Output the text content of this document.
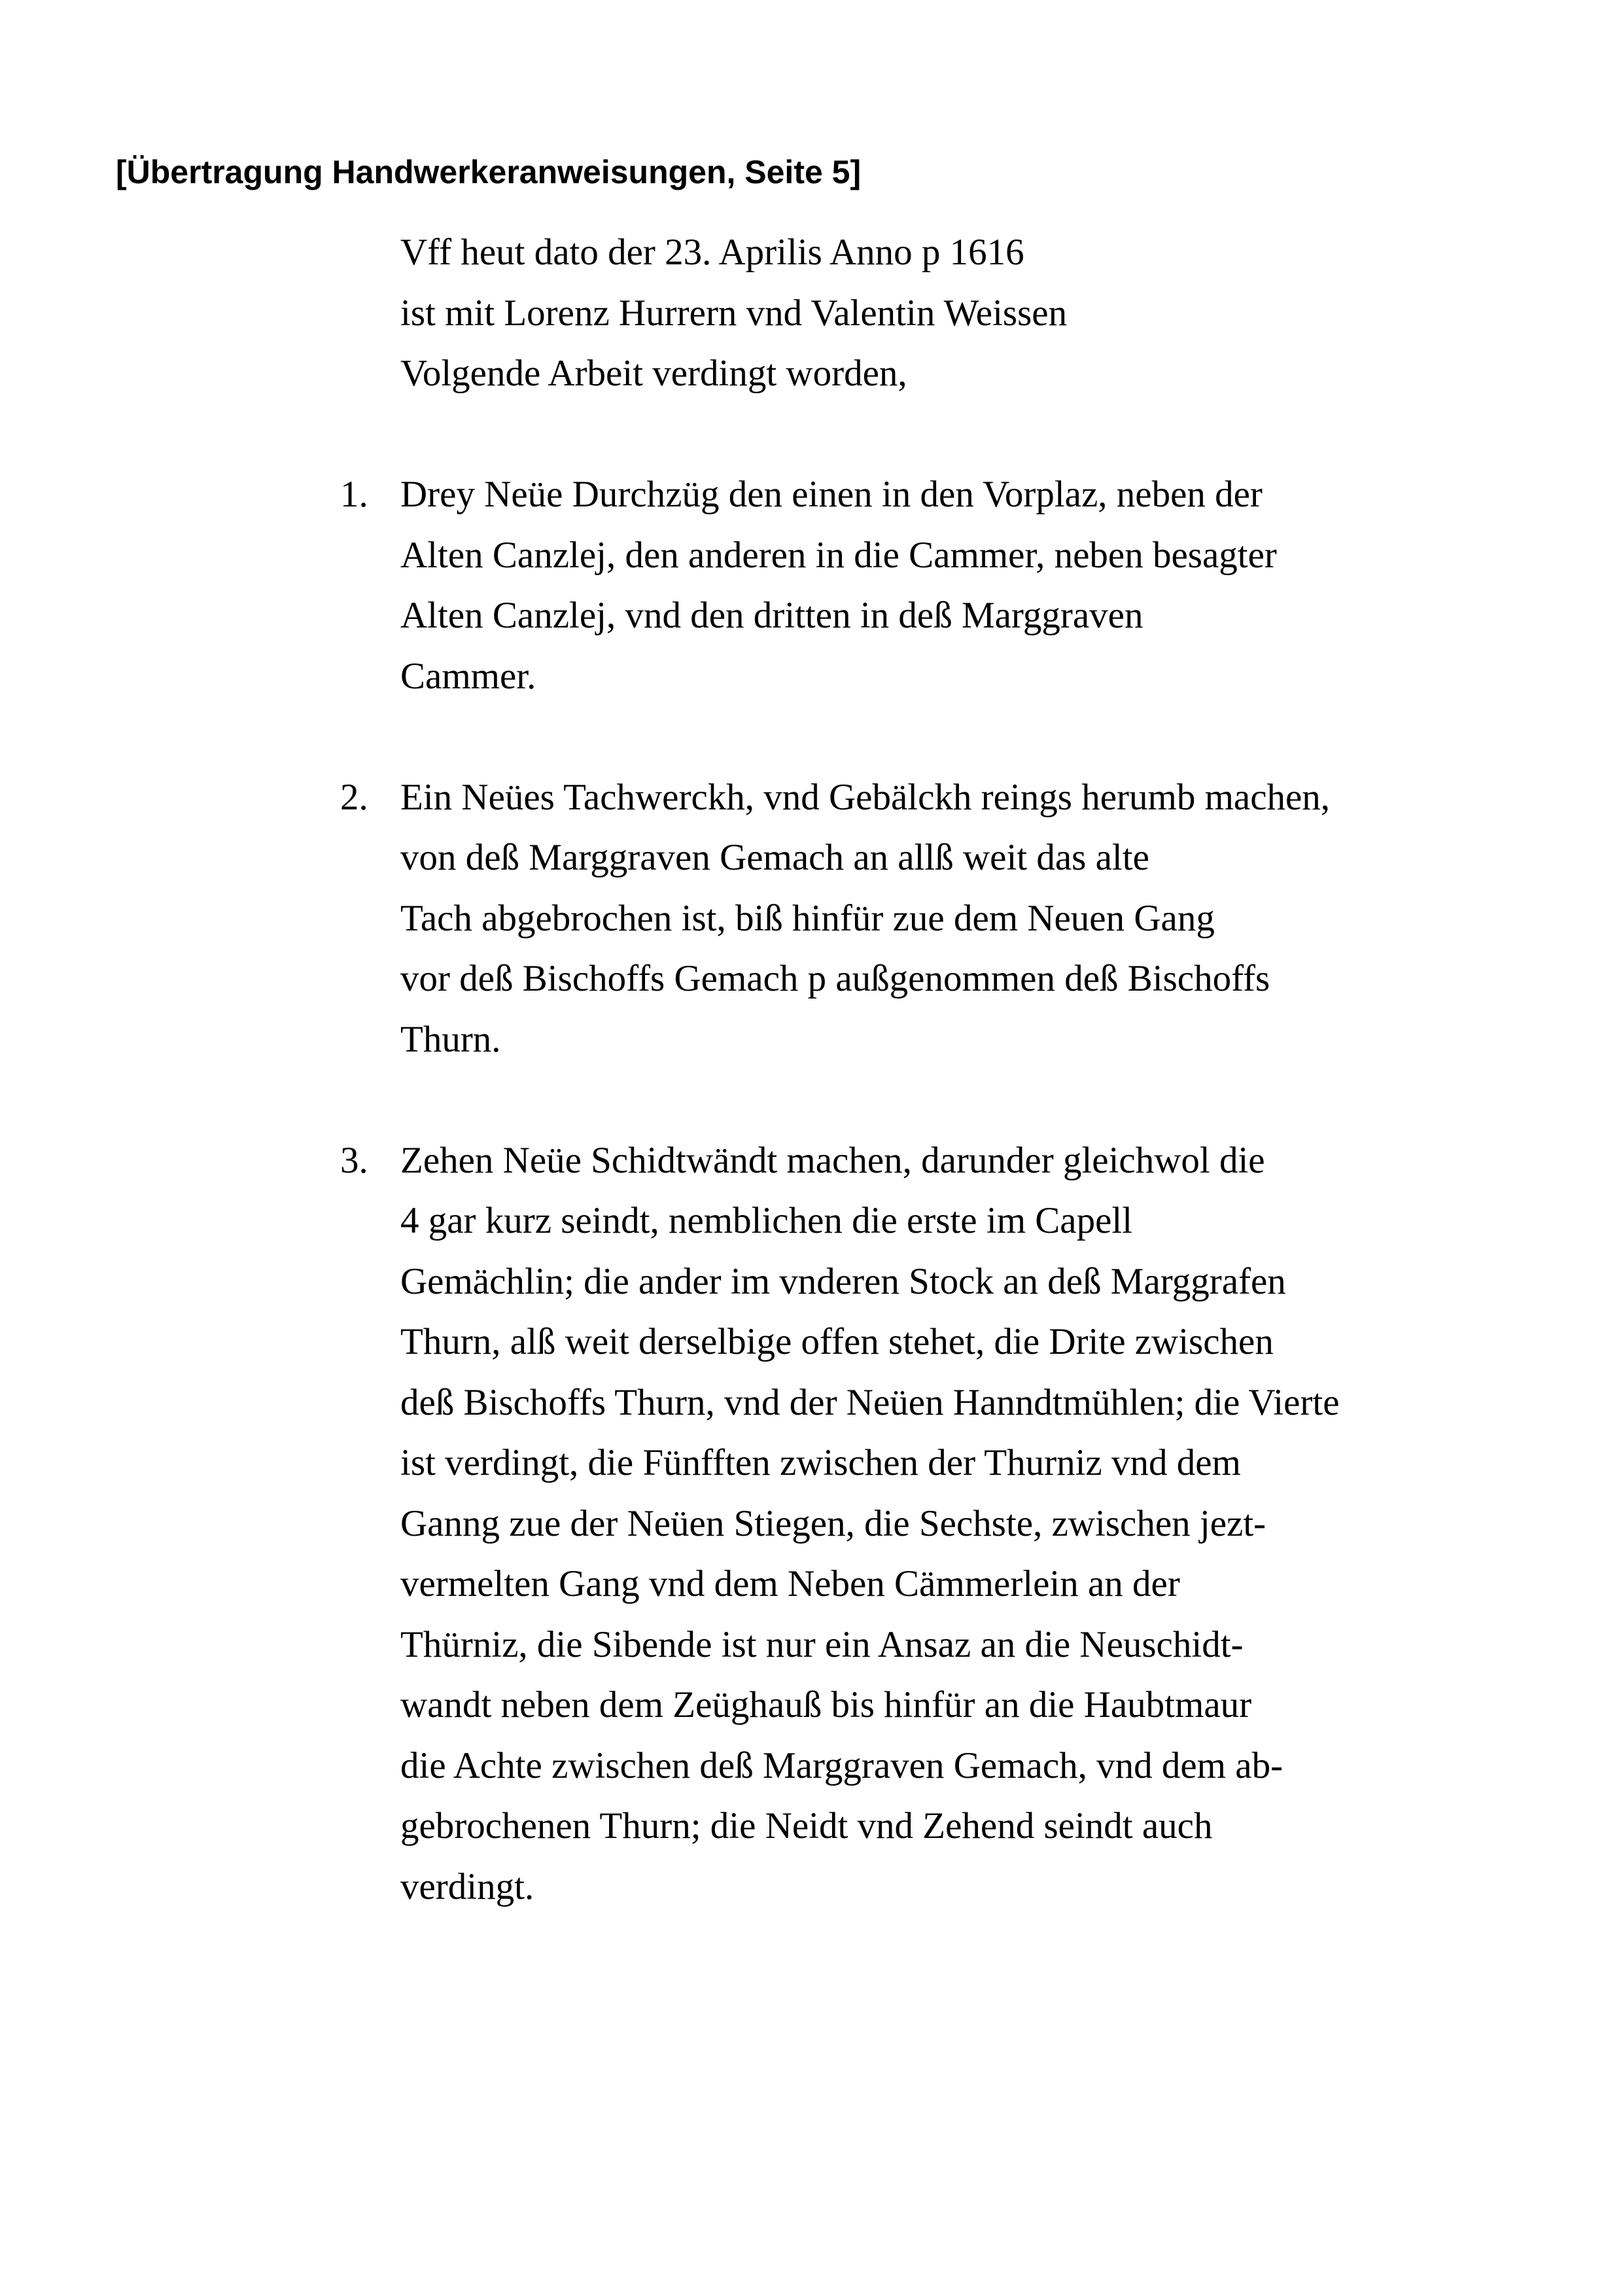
[Übertragung Handwerkeranweisungen, Seite 5]
Vff heut dato der 23. Aprilis Anno p 1616
ist mit Lorenz Hurrern vnd Valentin Weissen
Volgende Arbeit verdingt worden,
1. Drey Neüe Durchzüg den einen in den Vorplaz, neben der
Alten Canzlej, den anderen in die Cammer, neben besagter
Alten Canzlej, vnd den dritten in deß Marggraven
Cammer.
2. Ein Neües Tachwerckh, vnd Gebälckh reings herumb machen,
von deß Marggraven Gemach an allß weit das alte
Tach abgebrochen ist, biß hinfür zue dem Neuen Gang
vor deß Bischoffs Gemach p außgenommen deß Bischoffs
Thurn.
3. Zehen Neüe Schidtwändt machen, darunder gleichwol die
4 gar kurz seindt, nemblichen die erste im Capell
Gemächlin; die ander im vnderen Stock an deß Marggrafen
Thurn, alß weit derselbige offen stehet, die Drite zwischen
deß Bischoffs Thurn, vnd der Neüen Hanndtmühlen; die Vierte
ist verdingt, die Fünfften zwischen der Thurniz vnd dem
Ganng zue der Neüen Stiegen, die Sechste, zwischen jezt-
vermelten Gang vnd dem Neben Cämmerlein an der
Thürniz, die Sibende ist nur ein Ansaz an die Neuschidt-
wandt neben dem Zeüghauß bis hinfür an die Haubtmaur
die Achte zwischen deß Marggraven Gemach, vnd dem ab-
gebrochenen Thurn; die Neidt vnd Zehend seindt auch
verdingt.
